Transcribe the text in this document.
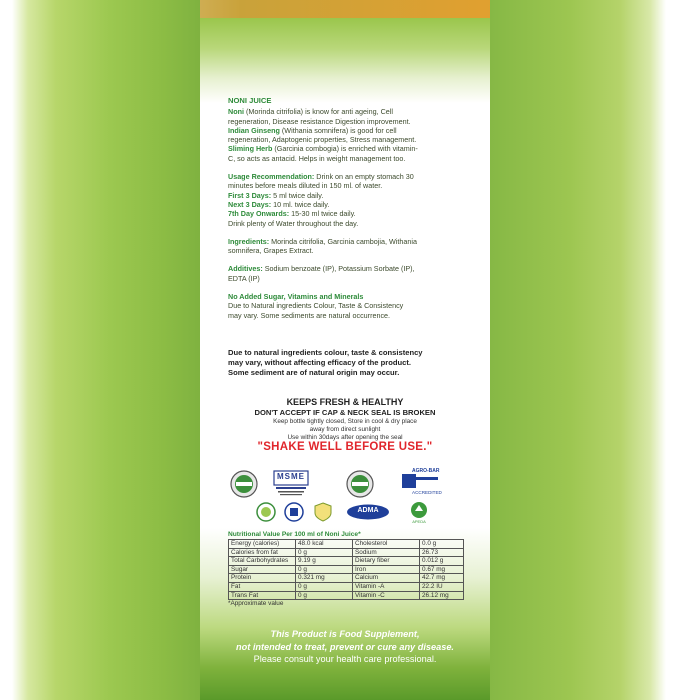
NONI JUICE
Noni (Morinda citrifolia) is know for anti ageing, Cell
regeneration, Disease resistance Digestion improvement.
Indian Ginseng (Withania somnifera) is good for cell
regeneration, Adaptogenic properties, Stress management.
Sliming Herb (Garcinia combogia) is enriched with vitamin-
C, so acts as antacid. Helps in weight management too.
Usage Recommendation: Drink on an empty stomach 30
minutes before meals diluted in 150 ml. of water.
First 3 Days: 5 ml twice daily.
Next 3 Days: 10 ml. twice daily.
7th Day Onwards: 15-30 ml twice daily.
Drink plenty of Water throughout the day.
Ingredients: Morinda citrifolia, Garcinia cambojia, Withania
somnifera, Grapes Extract.
Additives: Sodium benzoate (IP), Potassium Sorbate (IP),
EDTA (IP)
No Added Sugar, Vitamins and Minerals
Due to Natural ingredients Colour, Taste & Consistency
may vary. Some sediments are natural occurrence.
Due to natural ingredients colour, taste & consistency
may vary, without affecting efficacy of the product.
Some sediment are of natural origin may occur.
KEEPS FRESH & HEALTHY
DON'T ACCEPT IF CAP & NECK SEAL IS BROKEN
Keep bottle tightly closed, Store in cool & dry place
away from direct sunlight
Use within 30days after opening the seal
"SHAKE WELL BEFORE USE."
MSME
AGRO-BAR
ACCREDITED
ADMA
APEDA
Nutritional Value Per 100 ml of Noni Juice*
Energy (calories)	48.0 kcal	Cholesterol	0.0 g
Calories from fat	0 g	Sodium	26.73
Total Carbohydrates	9.19 g	Dietary fiber	0.012 g
Sugar	0 g	Iron	0.67 mg
Protein	0.321 mg	Calcium	42.7 mg
Fat	0 g	Vitamin -A	22.2 IU
Trans Fat	0 g	Vitamin -C	26.12 mg
*Approximate value
This Product is Food Supplement,
not intended to treat, prevent or cure any disease.
Please consult your health care professional.
